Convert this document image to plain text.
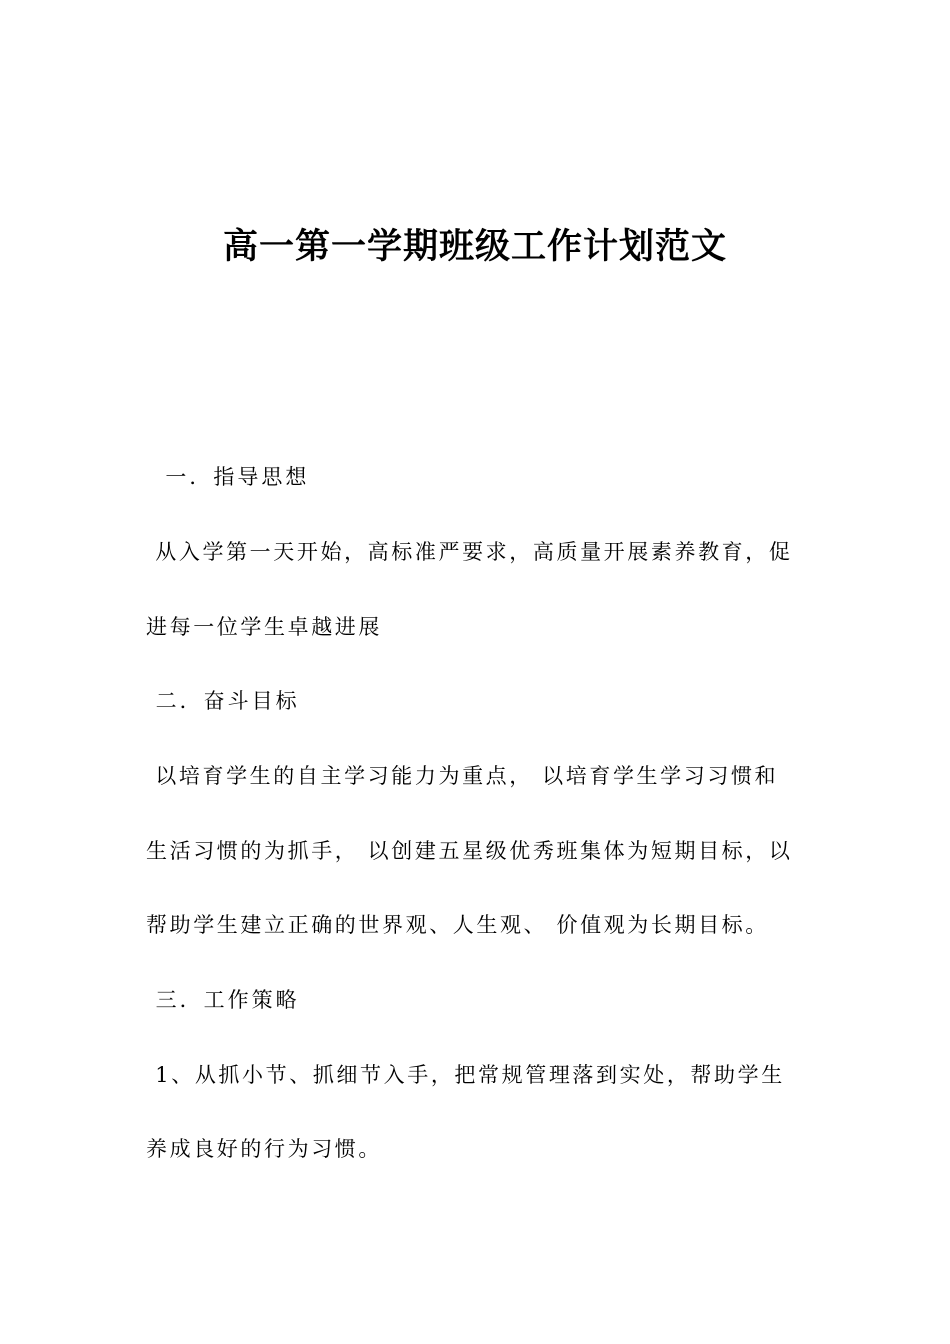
高一第一学期班级工作计划范文
一．指导思想
从入学第一天开始，高标准严要求，高质量开展素养教育，促
进每一位学生卓越进展
二．奋斗目标
以培育学生的自主学习能力为重点， 以培育学生学习习惯和
生活习惯的为抓手， 以创建五星级优秀班集体为短期目标，以
帮助学生建立正确的世界观、人生观、 价值观为长期目标。
三．工作策略
1、从抓小节、抓细节入手，把常规管理落到实处，帮助学生
养成良好的行为习惯。
